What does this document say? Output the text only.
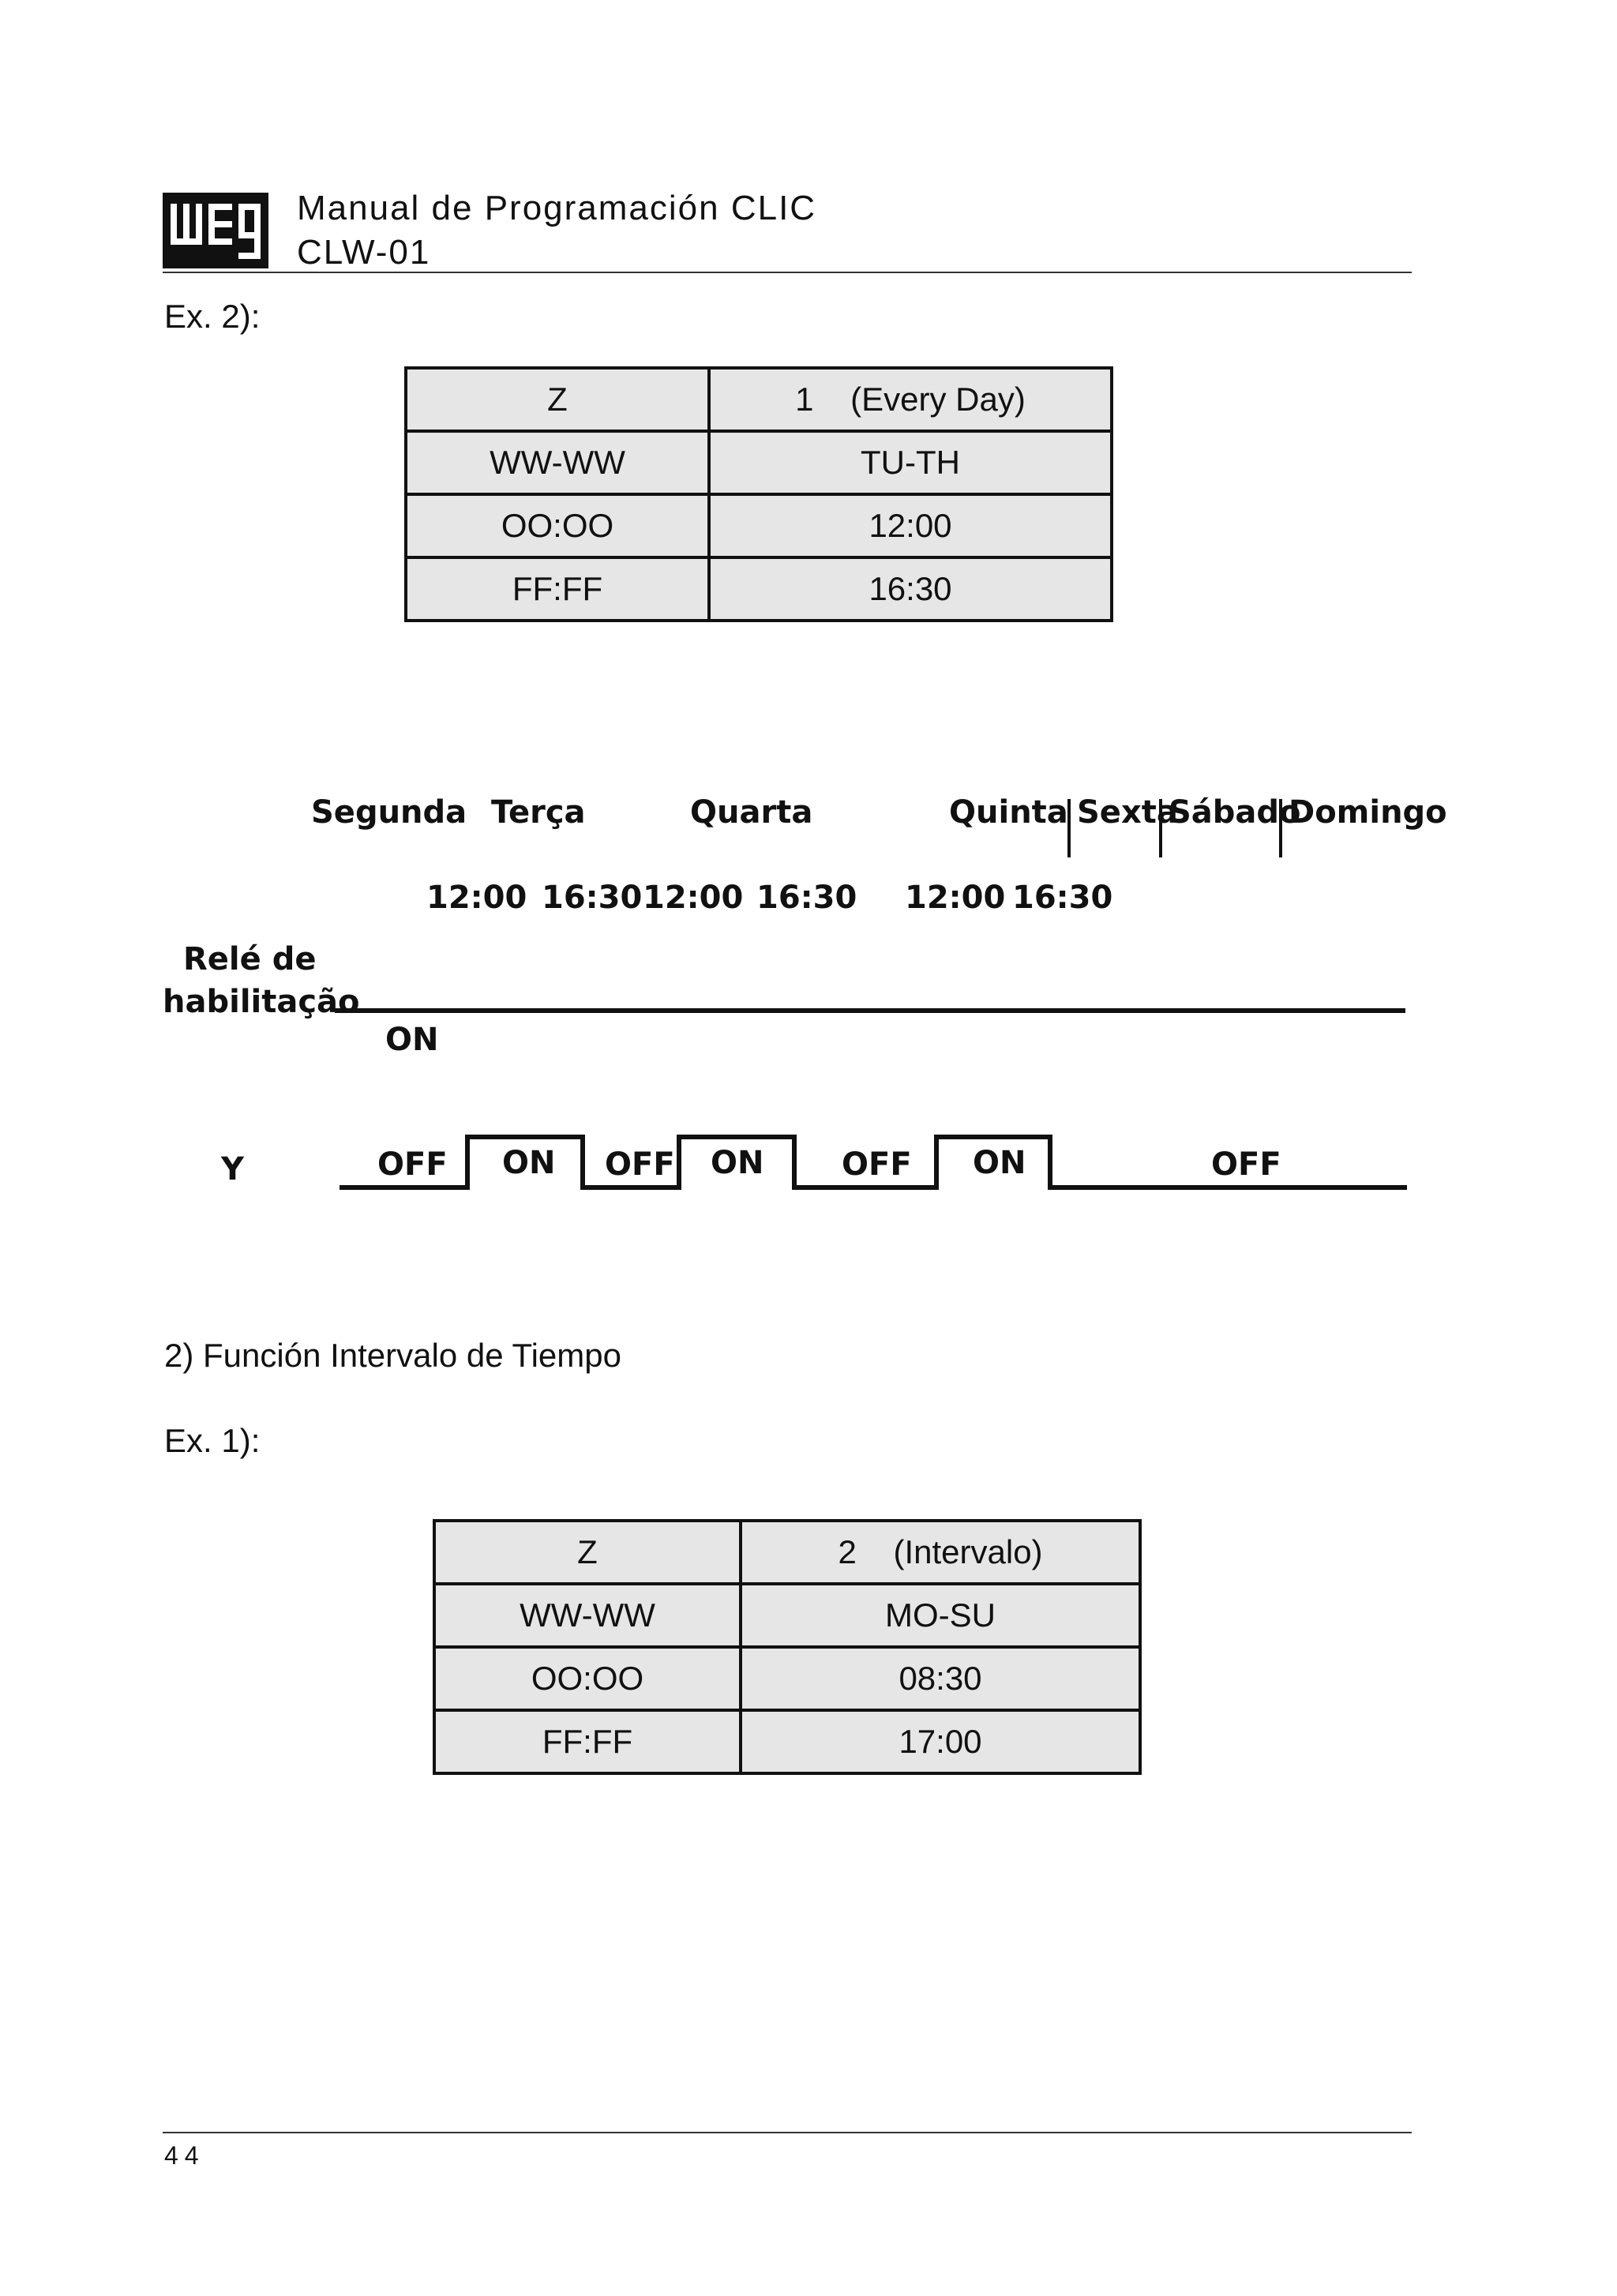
Manual de Programación CLIC
CLW-01
Ex. 2):
Z	1    (Every Day)
WW-WW	TU-TH
OO:OO	12:00
FF:FF	16:30
Segunda Terça	Quarta	Quinta Sexta
Sábado
Domingo
12:00 16:30 12:00 16:30 12:00 16:30
Relé de
habilitação
ON
Y	OFF ON OFF ON OFF ON	OFF
2) Función Intervalo de Tiempo
Ex. 1):
Z	2    (Intervalo)
WW-WW	MO-SU
OO:OO	08:30
FF:FF	17:00
44
